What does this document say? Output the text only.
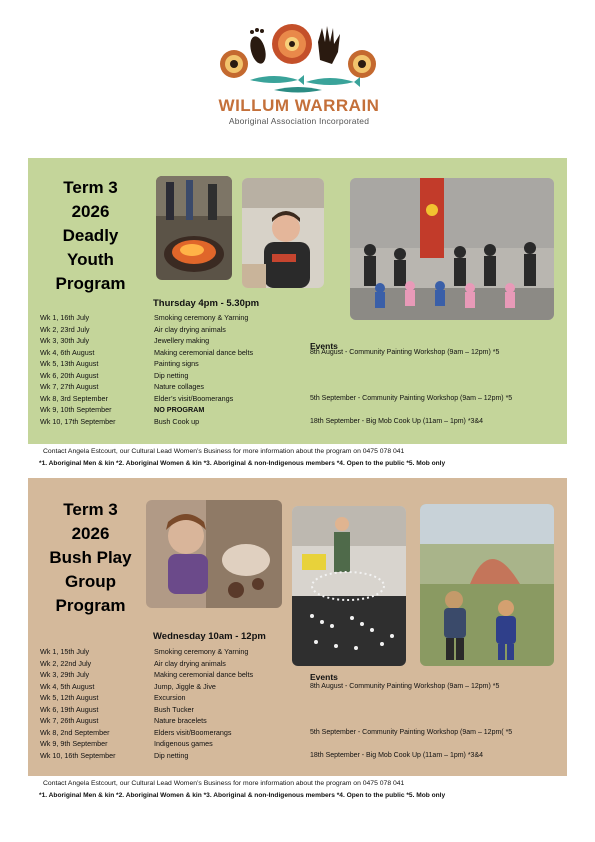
WILLUM WARRAIN
Aboriginal Association Incorporated
Term 3
2026
Deadly
Youth
Program
Thursday 4pm - 5.30pm
Events
Wk 1, 16th July	Smoking ceremony & Yarning
Wk 2, 23rd July	Air clay drying animals
Wk 3, 30th July	Jewellery making
Wk 4, 6th August	Making ceremonial dance belts	8th August - Community Painting Workshop (9am – 12pm) *5
Wk 5, 13th August	Painting signs
Wk 6, 20th August	Dip netting
Wk 7, 27th August	Nature collages
Wk 8, 3rd September	Elder’s visit/Boomerangs	5th September - Community Painting Workshop (9am – 12pm) *5
Wk 9, 10th September	NO PROGRAM
Wk 10, 17th September	Bush Cook up	18th September - Big Mob Cook Up (11am – 1pm) *3&4
Contact Angela Estcourt, our Cultural Lead Women’s Business for more information about the program on 0475 078 041
*1. Aboriginal Men & kin *2. Aboriginal Women & kin *3. Aboriginal & non-Indigenous members *4. Open to the public *5. Mob only
Term 3
2026
Bush Play
Group
Program
Wednesday 10am - 12pm
Events
Wk 1, 15th July	Smoking ceremony & Yarning
Wk 2, 22nd July	Air clay drying animals
Wk 3, 29th July	Making ceremonial dance belts
Wk 4, 5th August	Jump, Jiggle & Jive	8th August - Community Painting Workshop (9am – 12pm) *5
Wk 5, 12th August	Excursion
Wk 6, 19th August	Bush Tucker
Wk 7, 26th August	Nature bracelets
Wk 8, 2nd September	Elders visit/Boomerangs	5th September - Community Painting Workshop (9am – 12pm( *5
Wk 9, 9th September	Indigenous games
Wk 10, 16th September	Dip netting	18th September - Big Mob Cook Up (11am – 1pm) *3&4
Contact Angela Estcourt, our Cultural Lead Women’s Business for more information about the program on 0475 078 041
*1. Aboriginal Men & kin *2. Aboriginal Women & kin *3. Aboriginal & non-Indigenous members *4. Open to the public *5. Mob only
